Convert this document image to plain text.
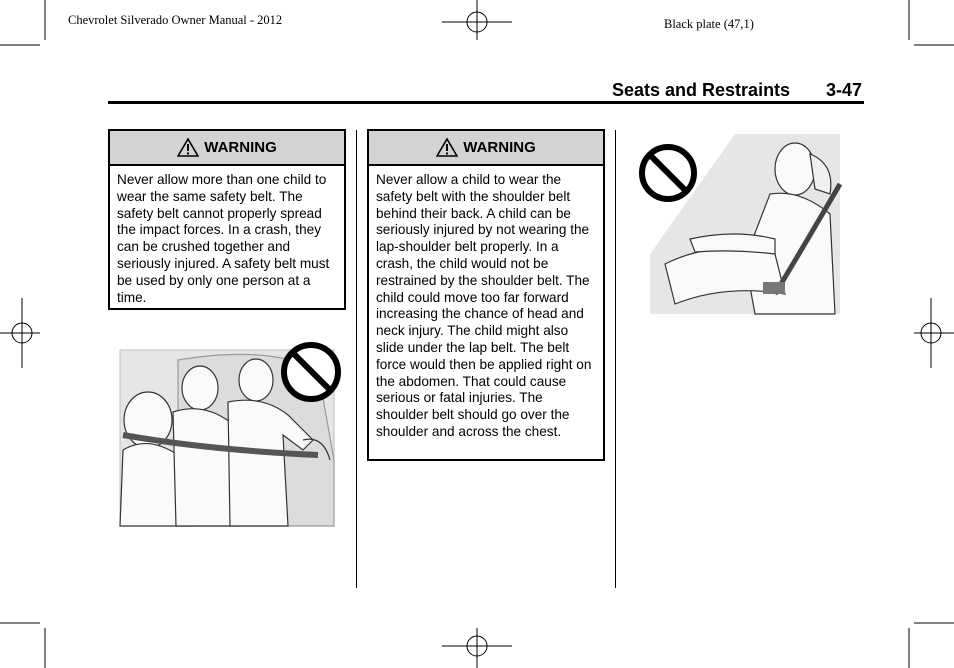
Chevrolet Silverado Owner Manual - 2012	Black plate (47,1)
Seats and Restraints 3-47
WARNING
Never allow more than one child to wear the same safety belt. The safety belt cannot properly spread the impact forces. In a crash, they can be crushed together and seriously injured. A safety belt must be used by only one person at a time.
WARNING
Never allow a child to wear the safety belt with the shoulder belt behind their back. A child can be seriously injured by not wearing the lap-shoulder belt properly. In a crash, the child would not be restrained by the shoulder belt. The child could move too far forward increasing the chance of head and neck injury. The child might also slide under the lap belt. The belt force would then be applied right on the abdomen. That could cause serious or fatal injuries. The shoulder belt should go over the shoulder and across the chest.
